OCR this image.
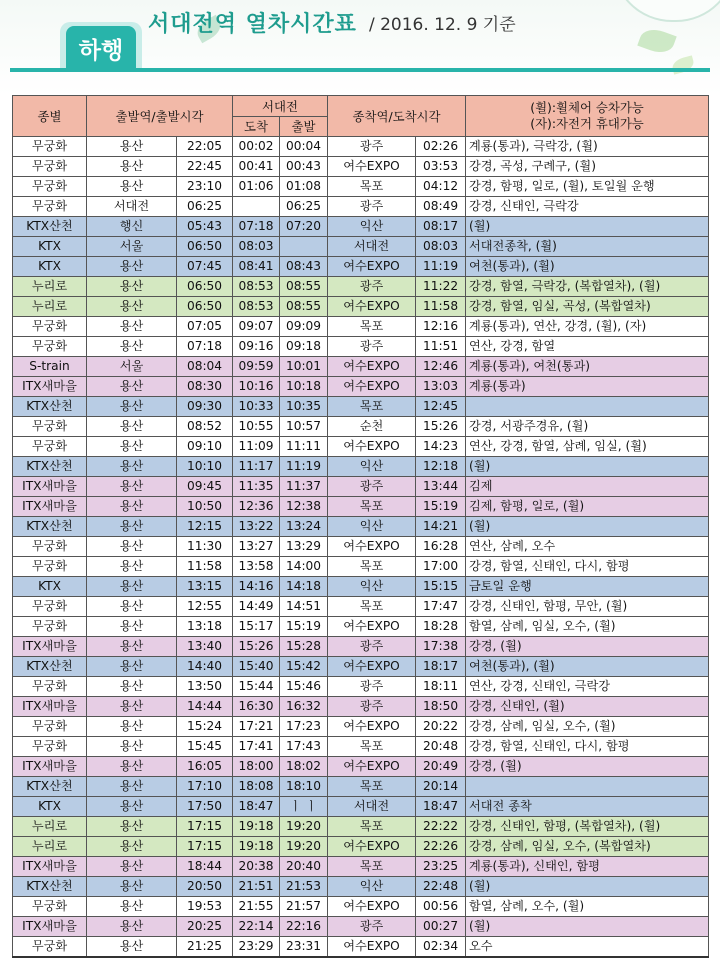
서대전역 열차시간표 / 2016. 12. 9 기준
하행
종별	출발역/출발시각		서대전		종착역/도착시각		(휠):휠체어 승차가능
(자):자전거 휴대가능
			도착	출발			
무궁화	용산	22:05	00:02	00:04	광주	02:26	계룡(통과), 극락강, (휠)
무궁화	용산	22:45	00:41	00:43	여수EXPO	03:53	강경, 곡성, 구례구, (휠)
무궁화	용산	23:10	01:06	01:08	목포	04:12	강경, 함평, 일로, (휠), 토일월 운행
무궁화	서대전	06:25		06:25	광주	08:49	강경, 신태인, 극락강
KTX산천	행신	05:43	07:18	07:20	익산	08:17	(휠)
KTX	서울	06:50	08:03		서대전	08:03	서대전종착, (휠)
KTX	용산	07:45	08:41	08:43	여수EXPO	11:19	여천(통과), (휠)
누리로	용산	06:50	08:53	08:55	광주	11:22	강경, 함열, 극락강, (복합열차), (휠)
누리로	용산	06:50	08:53	08:55	여수EXPO	11:58	강경, 함열, 임실, 곡성, (복합열차)
무궁화	용산	07:05	09:07	09:09	목포	12:16	계룡(통과), 연산, 강경, (휠), (자)
무궁화	용산	07:18	09:16	09:18	광주	11:51	연산, 강경, 함열
S-train	서울	08:04	09:59	10:01	여수EXPO	12:46	계룡(통과), 여천(통과)
ITX새마을	용산	08:30	10:16	10:18	여수EXPO	13:03	계룡(통과)
KTX산천	용산	09:30	10:33	10:35	목포	12:45	
무궁화	용산	08:52	10:55	10:57	순천	15:26	강경, 서광주경유, (휠)
무궁화	용산	09:10	11:09	11:11	여수EXPO	14:23	연산, 강경, 함열, 삼례, 임실, (휠)
KTX산천	용산	10:10	11:17	11:19	익산	12:18	(휠)
ITX새마을	용산	09:45	11:35	11:37	광주	13:44	김제
ITX새마을	용산	10:50	12:36	12:38	목포	15:19	김제, 함평, 일로, (휠)
KTX산천	용산	12:15	13:22	13:24	익산	14:21	(휠)
무궁화	용산	11:30	13:27	13:29	여수EXPO	16:28	연산, 삼례, 오수
무궁화	용산	11:58	13:58	14:00	목포	17:00	강경, 함열, 신태인, 다시, 함평
KTX	용산	13:15	14:16	14:18	익산	15:15	금토일 운행
무궁화	용산	12:55	14:49	14:51	목포	17:47	강경, 신태인, 함평, 무안, (휠)
무궁화	용산	13:18	15:17	15:19	여수EXPO	18:28	함열, 삼례, 임실, 오수, (휠)
ITX새마을	용산	13:40	15:26	15:28	광주	17:38	강경, (휠)
KTX산천	용산	14:40	15:40	15:42	여수EXPO	18:17	여천(통과), (휠)
무궁화	용산	13:50	15:44	15:46	광주	18:11	연산, 강경, 신태인, 극락강
ITX새마을	용산	14:44	16:30	16:32	광주	18:50	강경, 신태인, (휠)
무궁화	용산	15:24	17:21	17:23	여수EXPO	20:22	강경, 삼례, 임실, 오수, (휠)
무궁화	용산	15:45	17:41	17:43	목포	20:48	강경, 함열, 신태인, 다시, 함평
ITX새마을	용산	16:05	18:00	18:02	여수EXPO	20:49	강경, (휠)
KTX산천	용산	17:10	18:08	18:10	목포	20:14	
KTX	용산	17:50	18:47	ㅣ ㅣ	서대전	18:47	서대전 종착
누리로	용산	17:15	19:18	19:20	목포	22:22	강경, 신태인, 함평, (복합열차), (휠)
누리로	용산	17:15	19:18	19:20	여수EXPO	22:26	강경, 삼례, 임실, 오수, (복합열차)
ITX새마을	용산	18:44	20:38	20:40	목포	23:25	계룡(통과), 신태인, 함평
KTX산천	용산	20:50	21:51	21:53	익산	22:48	(휠)
무궁화	용산	19:53	21:55	21:57	여수EXPO	00:56	함열, 삼례, 오수, (휠)
ITX새마을	용산	20:25	22:14	22:16	광주	00:27	(휠)
무궁화	용산	21:25	23:29	23:31	여수EXPO	02:34	오수
